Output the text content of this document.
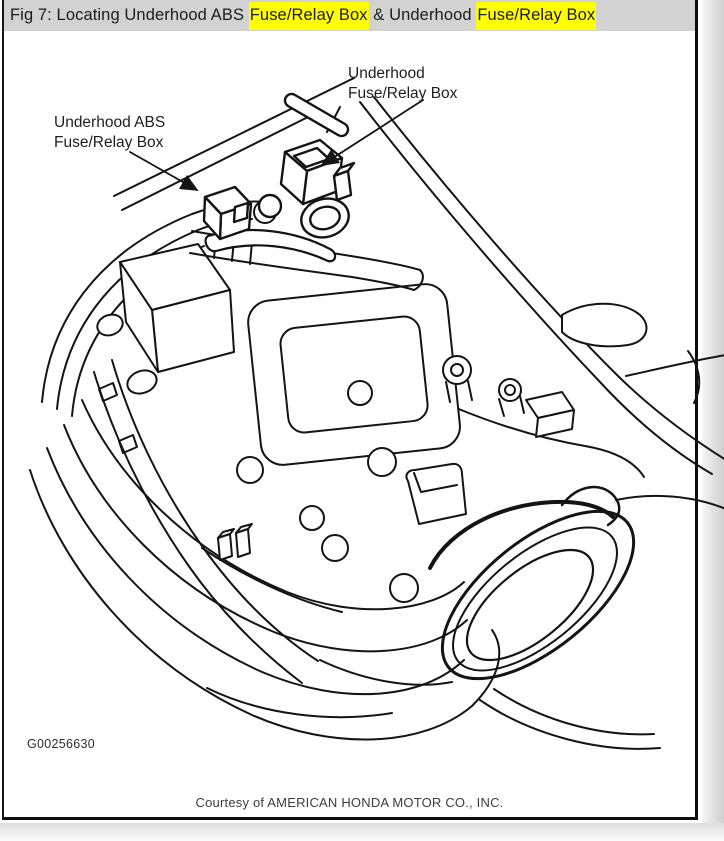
Fig 7: Locating Underhood ABS Fuse/Relay Box & Underhood Fuse/Relay Box
Underhood
Fuse/Relay Box
Underhood ABS
Fuse/Relay Box
G00256630
Courtesy of AMERICAN HONDA MOTOR CO., INC.
